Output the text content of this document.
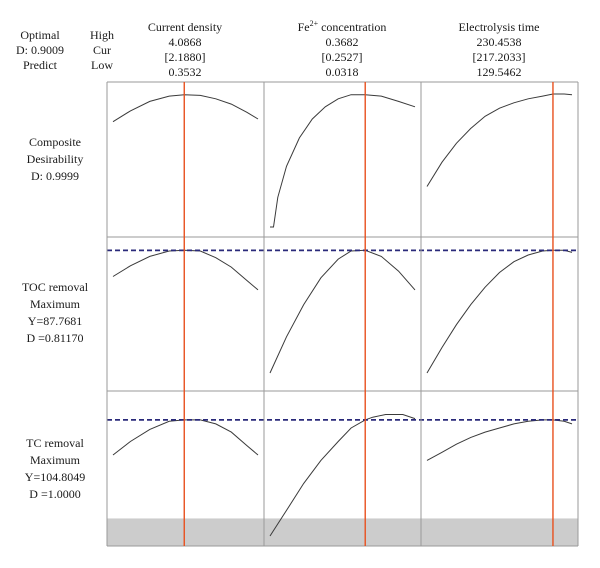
Optimal
D: 0.9009
Predict
High
Cur
Low
Current density
4.0868
[2.1880]
0.3532
$Fe^{2+}$ concentration
0.3682
[0.2527]
0.0318
Electrolysis time
230.4538
[217.2033]
129.5462
Composite
Desirability
D: 0.9999
TOC removal
Maximum
Y=87.7681
D =0.81170
TC removal
Maximum
Y=104.8049
D =1.0000
